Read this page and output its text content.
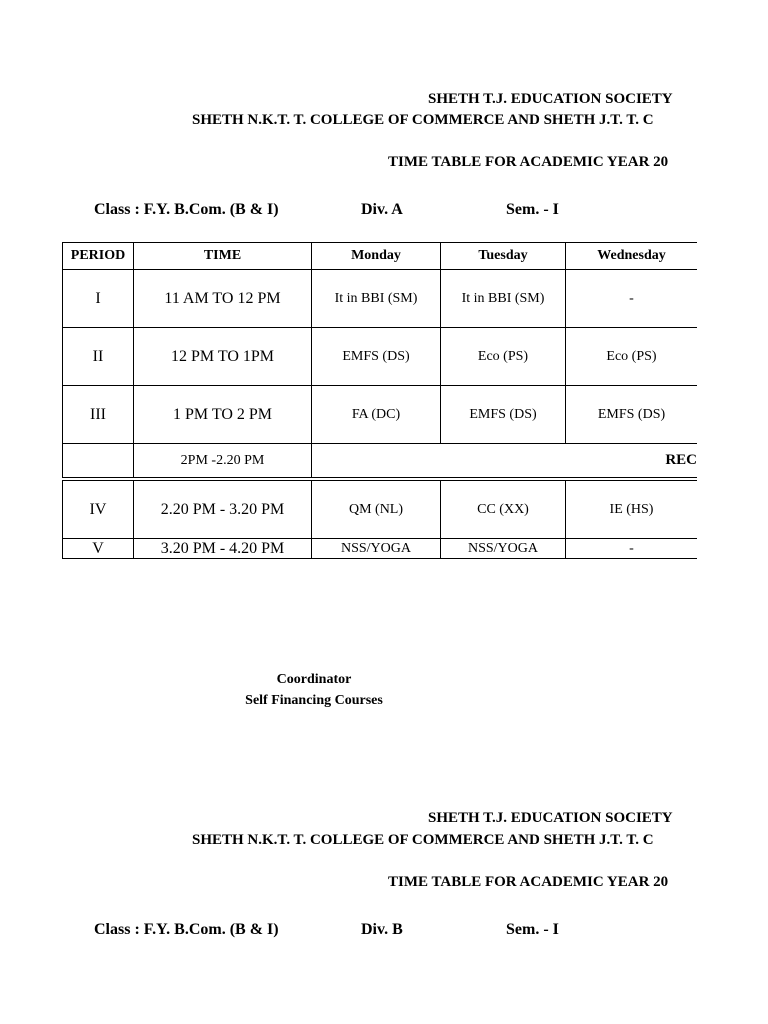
SHETH T.J. EDUCATION SOCIETY
SHETH N.K.T. T. COLLEGE OF COMMERCE AND SHETH J.T. T. C
TIME TABLE FOR ACADEMIC YEAR 20
Class : F.Y. B.Com. (B & I)	Div. A	Sem. - I
PERIOD	TIME	Monday	Tuesday	Wednesday
I	11 AM TO 12 PM	It in BBI (SM)	It in BBI (SM)	-
II	12 PM TO 1PM	EMFS (DS)	Eco (PS)	Eco (PS)
III	1 PM TO 2 PM	FA (DC)	EMFS (DS)	EMFS (DS)
	2PM -2.20 PM	REC		

IV	2.20 PM - 3.20 PM	QM (NL)	CC (XX)	IE (HS)
V	3.20 PM - 4.20 PM	NSS/YOGA	NSS/YOGA	-
Coordinator
Self Financing Courses
SHETH T.J. EDUCATION SOCIETY
SHETH N.K.T. T. COLLEGE OF COMMERCE AND SHETH J.T. T. C
TIME TABLE FOR ACADEMIC YEAR 20
Class : F.Y. B.Com. (B & I)	Div. B	Sem. - I
